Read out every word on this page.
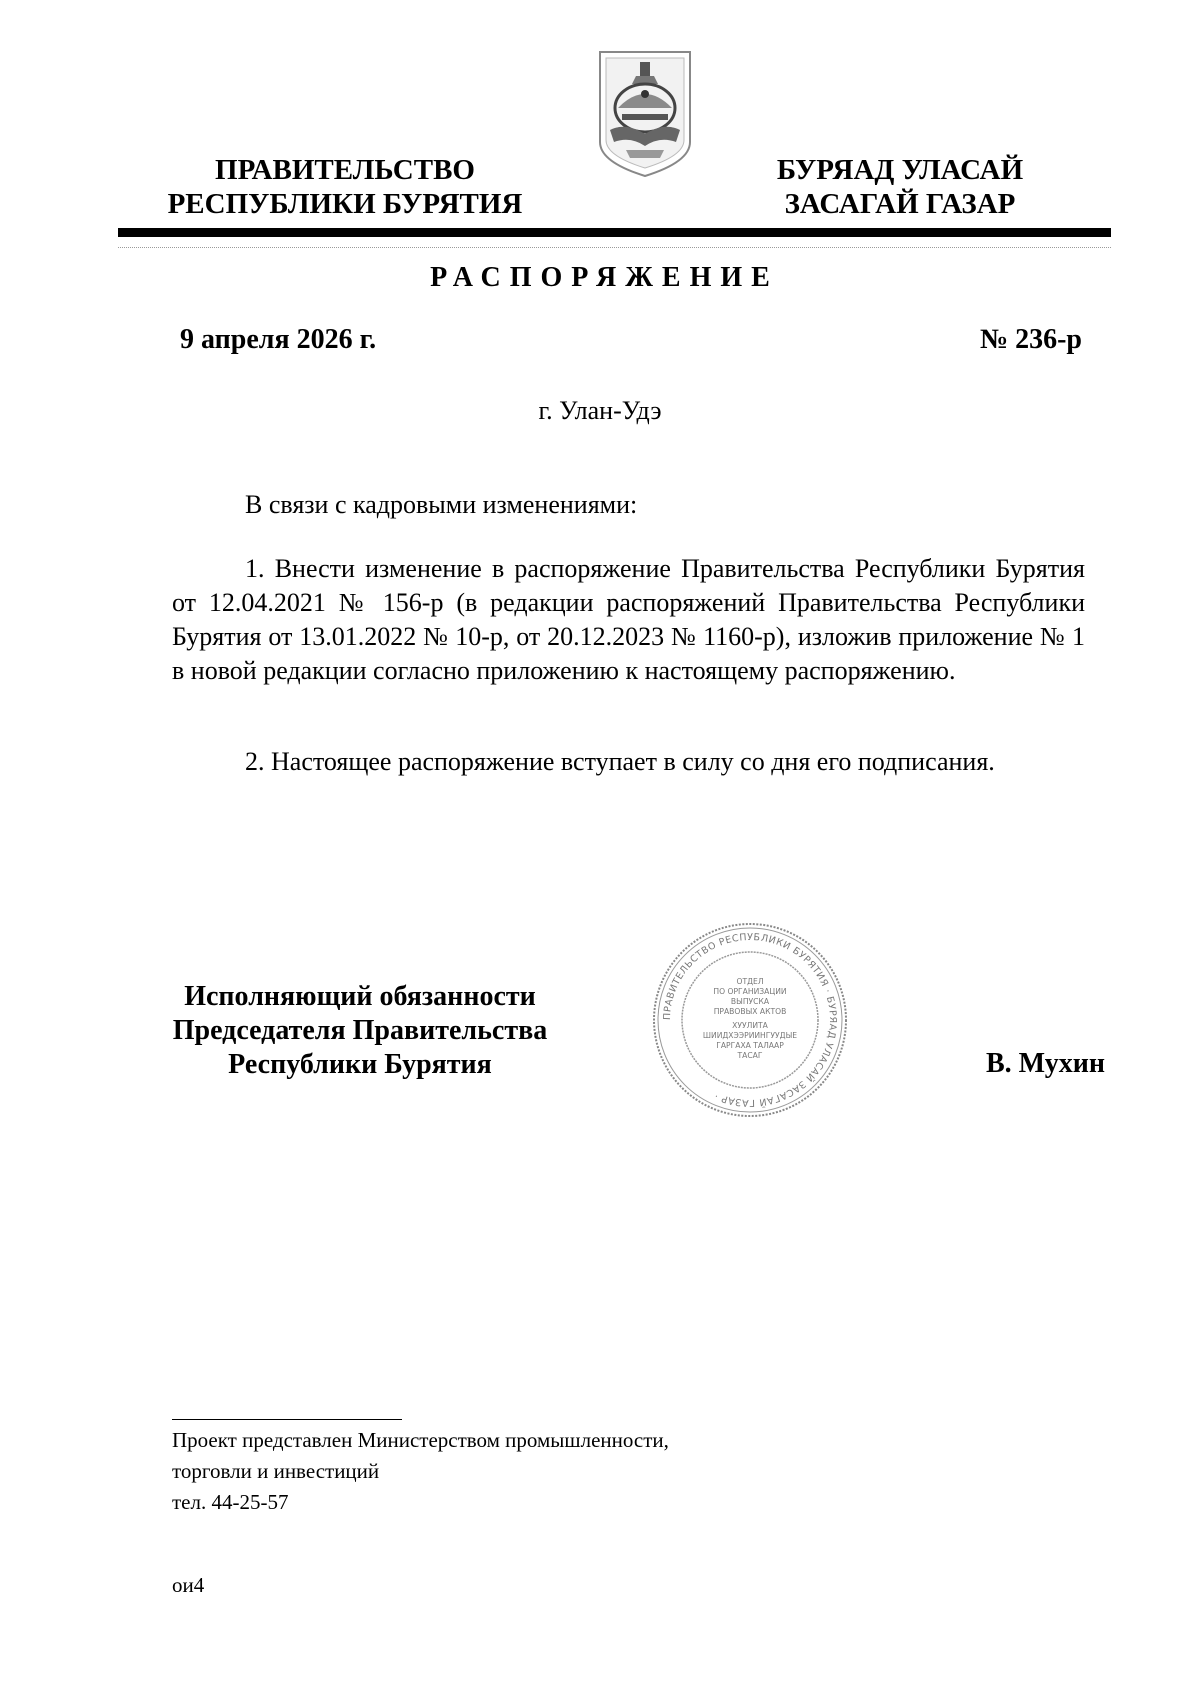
ПРАВИТЕЛЬСТВО
РЕСПУБЛИКИ БУРЯТИЯ
БУРЯАД УЛАСАЙ
ЗАСАГАЙ ГАЗАР
РАСПОРЯЖЕНИЕ
9 апреля 2026 г.	№ 236-р
г. Улан-Удэ
В связи с кадровыми изменениями:
1. Внести изменение в распоряжение Правительства Республики Бурятия от 12.04.2021 № 156-р (в редакции распоряжений Правительства Республики Бурятия от 13.01.2022 № 10-р, от 20.12.2023 № 1160-р), изложив приложение № 1 в новой редакции согласно приложению к настоящему распоряжению.
2. Настоящее распоряжение вступает в силу со дня его подписания.
Исполняющий обязанности
Председателя Правительства
Республики Бурятия
ПРАВИТЕЛЬСТВО РЕСПУБЛИКИ БУРЯТИЯ · БУРЯАД УЛАСАЙ ЗАСАГАЙ ГАЗАР ·
ОТДЕЛ
ПО ОРГАНИЗАЦИИ
ВЫПУСКА
ПРАВОВЫХ АКТОВ
ХУУЛИТА
ШИИДХЭЭРИИНГУУДЫЕ
ГАРГАХА ТАЛААР
ТАСАГ	В. Мухин
Проект представлен Министерством промышленности,
торговли и инвестиций
тел. 44-25-57
ои4
